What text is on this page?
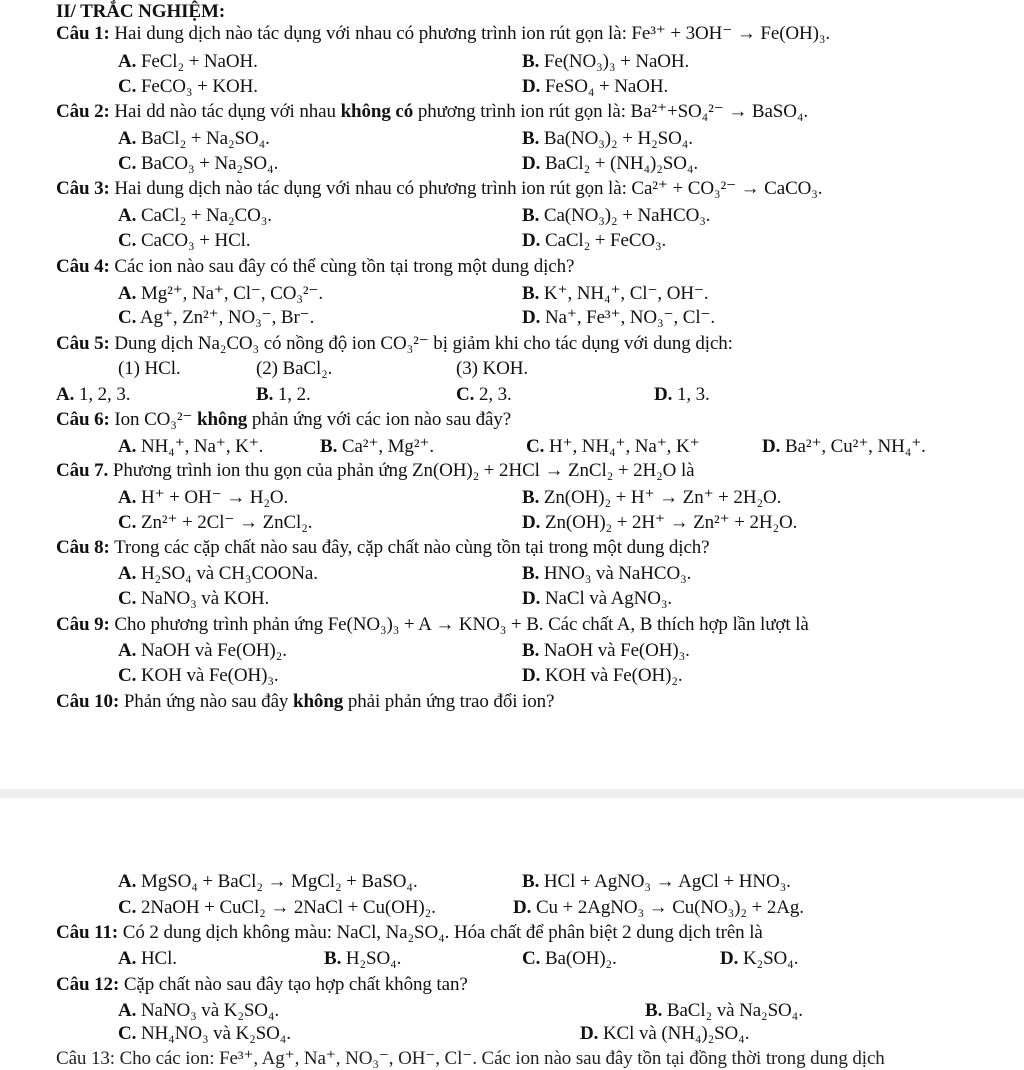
II/ TRẮC NGHIỆM:
Câu 1: Hai dung dịch nào tác dụng với nhau có phương trình ion rút gọn là: Fe³⁺ + 3OH⁻ → Fe(OH)₃.
A. FeCl₂ + NaOH.	B. Fe(NO₃)₃ + NaOH.
C. FeCO₃ + KOH.	D. FeSO₄ + NaOH.
Câu 2: Hai dd nào tác dụng với nhau không có phương trình ion rút gọn là: Ba²⁺+SO₄²⁻ → BaSO₄.
A. BaCl₂ + Na₂SO₄.	B. Ba(NO₃)₂ + H₂SO₄.
C. BaCO₃ + Na₂SO₄.	D. BaCl₂ + (NH₄)₂SO₄.
Câu 3: Hai dung dịch nào tác dụng với nhau có phương trình ion rút gọn là: Ca²⁺ + CO₃²⁻ → CaCO₃.
A. CaCl₂ + Na₂CO₃.	B. Ca(NO₃)₂ + NaHCO₃.
C. CaCO₃ + HCl.	D. CaCl₂ + FeCO₃.
Câu 4: Các ion nào sau đây có thể cùng tồn tại trong một dung dịch?
A. Mg²⁺, Na⁺, Cl⁻, CO₃²⁻.	B. K⁺, NH₄⁺, Cl⁻, OH⁻.
C. Ag⁺, Zn²⁺, NO₃⁻, Br⁻.	D. Na⁺, Fe³⁺, NO₃⁻, Cl⁻.
Câu 5: Dung dịch Na₂CO₃ có nồng độ ion CO₃²⁻ bị giảm khi cho tác dụng với dung dịch:
(1) HCl.	(2) BaCl₂.	(3) KOH.
A. 1, 2, 3.	B. 1, 2.	C. 2, 3.	D. 1, 3.
Câu 6: Ion CO₃²⁻ không phản ứng với các ion nào sau đây?
A. NH₄⁺, Na⁺, K⁺.	B. Ca²⁺, Mg²⁺.	C. H⁺, NH₄⁺, Na⁺, K⁺	D. Ba²⁺, Cu²⁺, NH₄⁺.
Câu 7. Phương trình ion thu gọn của phản ứng Zn(OH)₂ + 2HCl → ZnCl₂ + 2H₂O là
A. H⁺ + OH⁻ → H₂O.	B. Zn(OH)₂ + H⁺ → Zn⁺ + 2H₂O.
C. Zn²⁺ + 2Cl⁻ → ZnCl₂.	D. Zn(OH)₂ + 2H⁺ → Zn²⁺ + 2H₂O.
Câu 8: Trong các cặp chất nào sau đây, cặp chất nào cùng tồn tại trong một dung dịch?
A. H₂SO₄ và CH₃COONa.	B. HNO₃ và NaHCO₃.
C. NaNO₃ và KOH.	D. NaCl và AgNO₃.
Câu 9: Cho phương trình phản ứng Fe(NO₃)₃ + A → KNO₃ + B. Các chất A, B thích hợp lần lượt là
A. NaOH và Fe(OH)₂.	B. NaOH và Fe(OH)₃.
C. KOH và Fe(OH)₃.	D. KOH và Fe(OH)₂.
Câu 10: Phản ứng nào sau đây không phải phản ứng trao đổi ion?
A. MgSO₄ + BaCl₂ → MgCl₂ + BaSO₄.	B. HCl + AgNO₃ → AgCl + HNO₃.
C. 2NaOH + CuCl₂ → 2NaCl + Cu(OH)₂.	D. Cu + 2AgNO₃ → Cu(NO₃)₂ + 2Ag.
Câu 11: Có 2 dung dịch không màu: NaCl, Na₂SO₄. Hóa chất để phân biệt 2 dung dịch trên là
A. HCl.	B. H₂SO₄.	C. Ba(OH)₂.	D. K₂SO₄.
Câu 12: Cặp chất nào sau đây tạo hợp chất không tan?
A. NaNO₃ và K₂SO₄.	B. BaCl₂ và Na₂SO₄.
C. NH₄NO₃ và K₂SO₄.	D. KCl và (NH₄)₂SO₄.
Câu 13: Cho các ion: Fe³⁺, Ag⁺, Na⁺, NO₃⁻, OH⁻, Cl⁻. Các ion nào sau đây tồn tại đồng thời trong dung dịch
